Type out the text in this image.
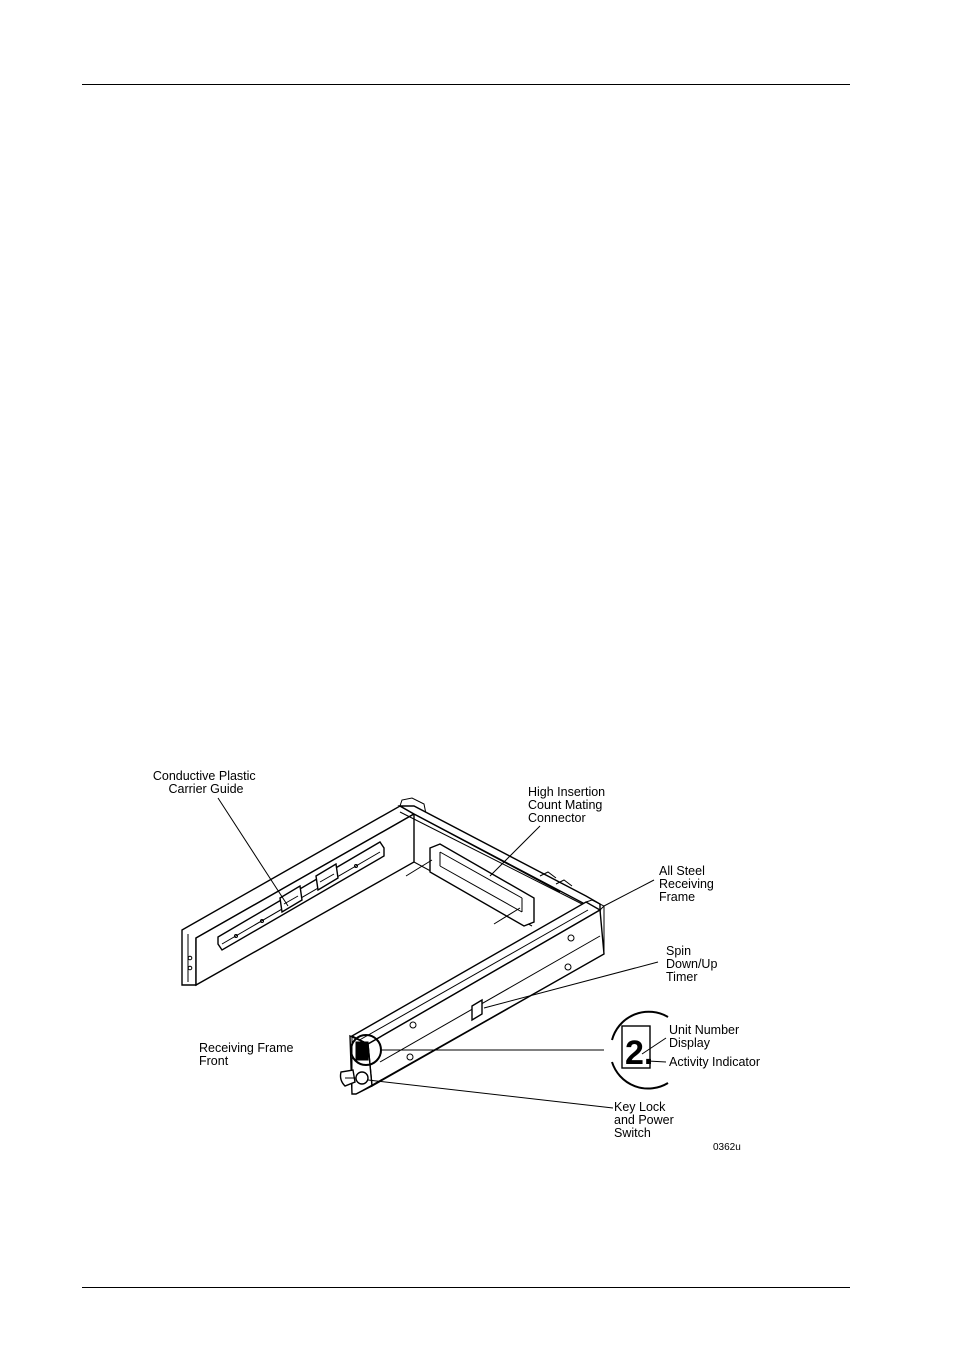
2.
Conductive Plastic Carrier Guide	High Insertion Count Mating Connector
All Steel Receiving Frame
Spin Down/Up Timer
Receiving Frame Front
Unit Number Display
Activity Indicator
Key Lock and Power Switch
0362u
